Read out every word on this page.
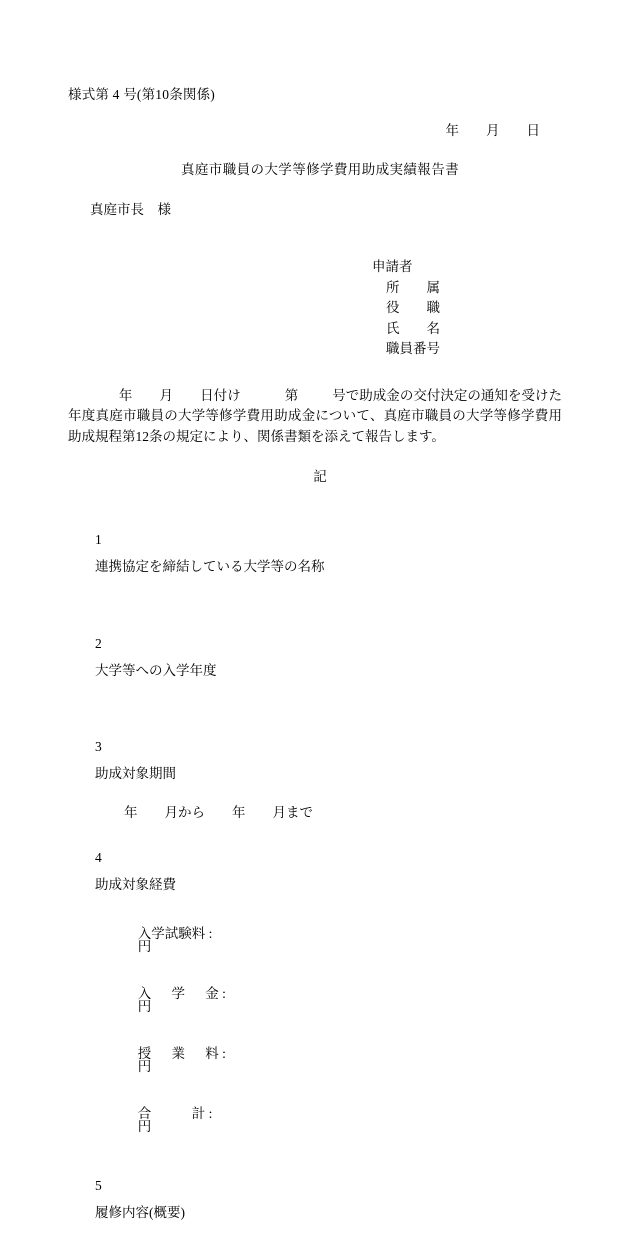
様式第 4 号(第10条関係)
年        月        日
真庭市職員の大学等修学費用助成実績報告書
真庭市長    様
申請者
所        属
役        職
氏        名
職員番号
年        月        日付け             第          号で助成金の交付決定の通知を受けた          年度真庭市職員の大学等修学費用助成金について、真庭市職員の大学等修学費用助成規程第12条の規定により、関係書類を添えて報告します。
記

1

連携協定を締結している大学等の名称

2

大学等への入学年度

3

助成対象期間

年        月から        年        月まで

4

助成対象経費

入学試験料 :
円

入　  学　  金 :
円

授　  業　  料 :
円

合　        計 :
円

5

履修内容(概要)
